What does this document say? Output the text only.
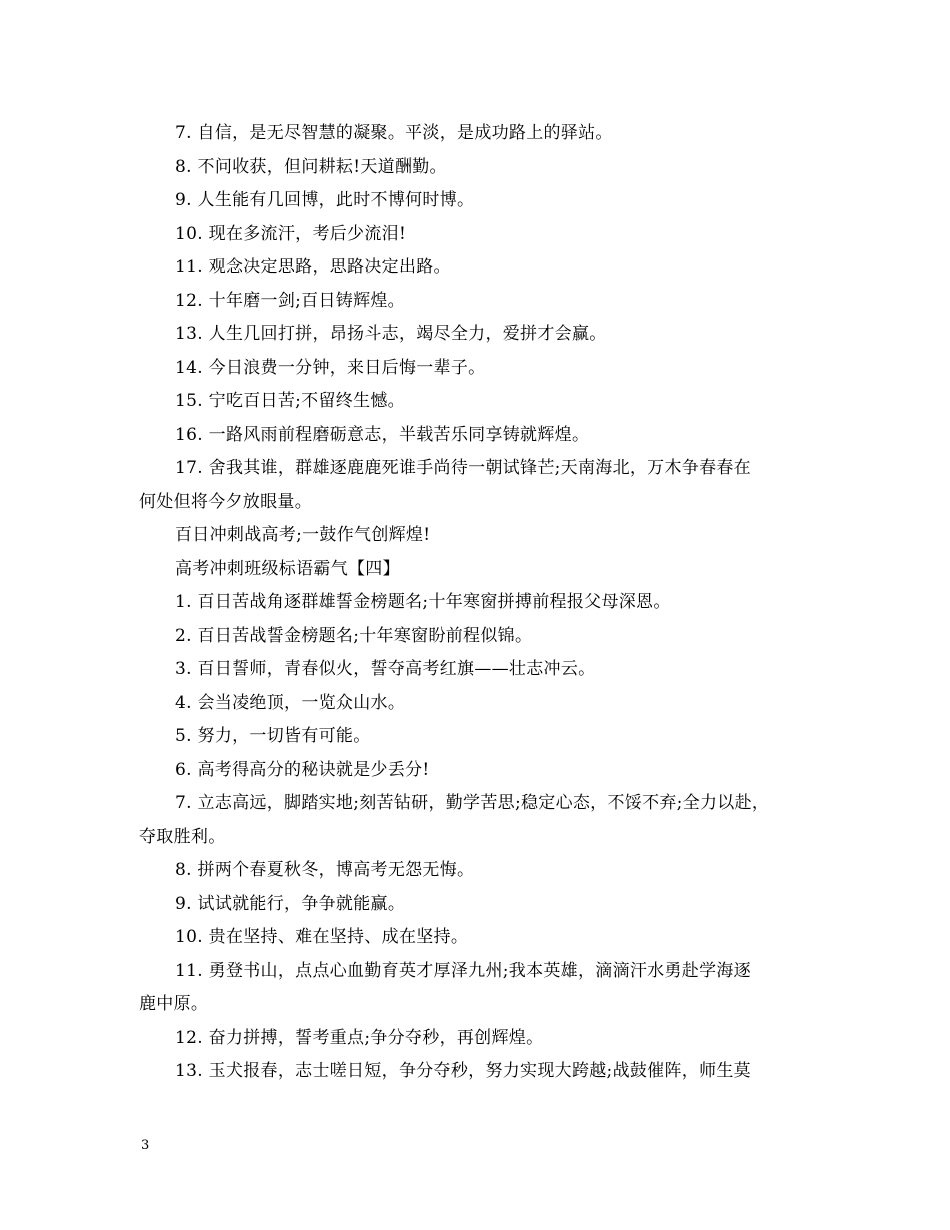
7. 自信，是无尽智慧的凝聚。平淡，是成功路上的驿站。
8. 不问收获，但问耕耘!天道酬勤。
9. 人生能有几回博，此时不博何时博。
10. 现在多流汗，考后少流泪!
11. 观念决定思路，思路决定出路。
12. 十年磨一剑;百日铸辉煌。
13. 人生几回打拼，昂扬斗志，竭尽全力，爱拼才会赢。
14. 今日浪费一分钟，来日后悔一辈子。
15. 宁吃百日苦;不留终生憾。
16. 一路风雨前程磨砺意志，半载苦乐同享铸就辉煌。
17. 舍我其谁，群雄逐鹿鹿死谁手尚待一朝试锋芒;天南海北，万木争春春在
何处但将今夕放眼量。
百日冲刺战高考;一鼓作气创辉煌!
高考冲刺班级标语霸气【四】
1. 百日苦战角逐群雄誓金榜题名;十年寒窗拼搏前程报父母深恩。
2. 百日苦战誓金榜题名;十年寒窗盼前程似锦。
3. 百日誓师，青春似火，誓夺高考红旗——壮志冲云。
4. 会当凌绝顶，一览众山水。
5. 努力，一切皆有可能。
6. 高考得高分的秘诀就是少丢分!
7. 立志高远，脚踏实地;刻苦钻研，勤学苦思;稳定心态，不馁不弃;全力以赴，
夺取胜利。
8. 拼两个春夏秋冬，博高考无怨无悔。
9. 试试就能行，争争就能赢。
10. 贵在坚持、难在坚持、成在坚持。
11. 勇登书山，点点心血勤育英才厚泽九州;我本英雄，滴滴汗水勇赴学海逐
鹿中原。
12. 奋力拼搏，誓考重点;争分夺秒，再创辉煌。
13. 玉犬报春，志士嗟日短，争分夺秒，努力实现大跨越;战鼓催阵，师生莫
3
